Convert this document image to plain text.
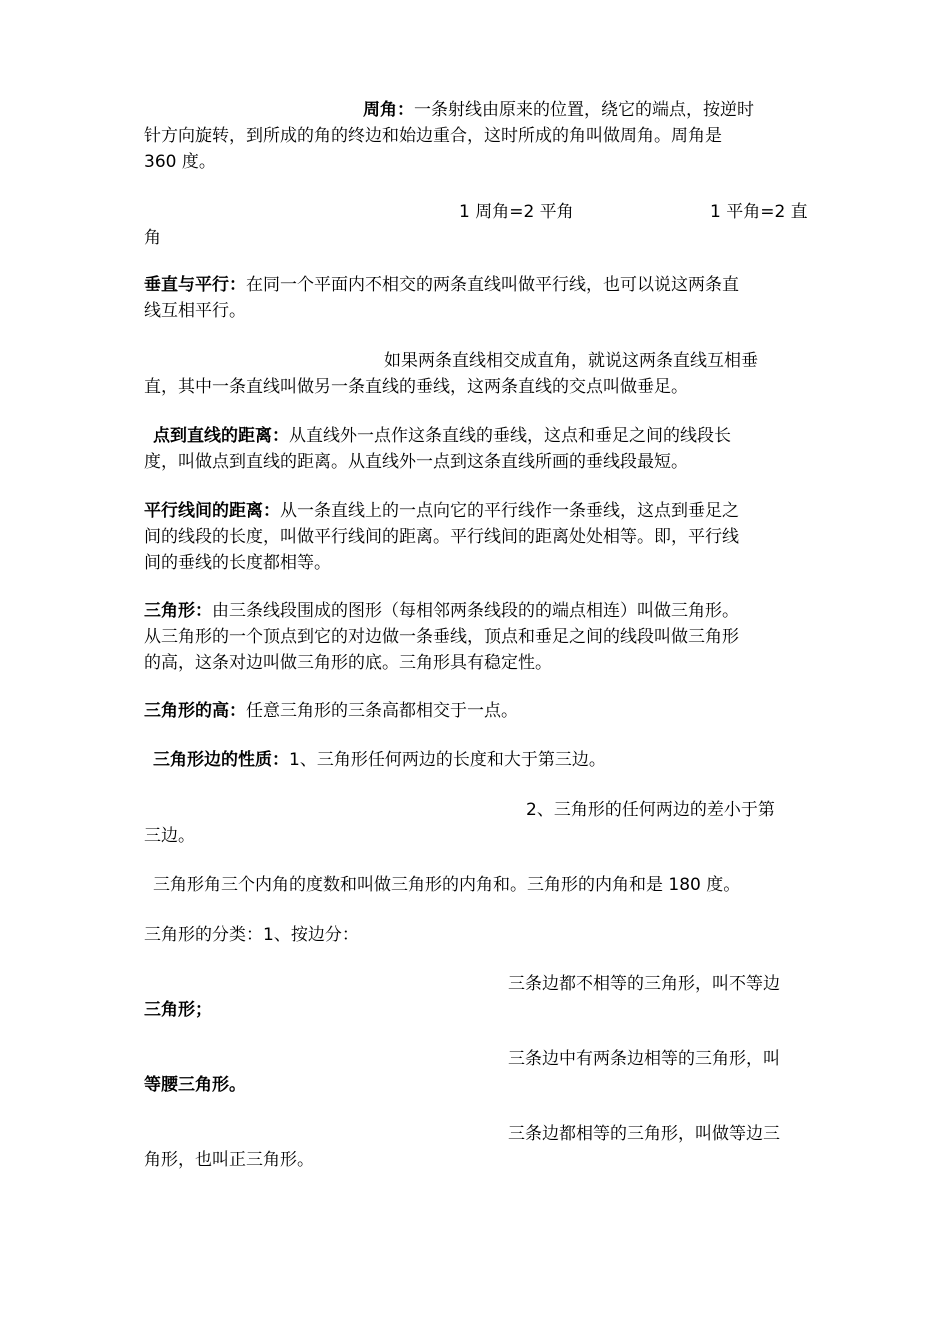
周角：一条射线由原来的位置，绕它的端点，按逆时
针方向旋转，到所成的角的终边和始边重合，这时所成的角叫做周角。周角是
360 度。
1 周角=2 平角	1 平角=2 直
角
垂直与平行：在同一个平面内不相交的两条直线叫做平行线，也可以说这两条直
线互相平行。
如果两条直线相交成直角，就说这两条直线互相垂
直，其中一条直线叫做另一条直线的垂线，这两条直线的交点叫做垂足。
点到直线的距离：从直线外一点作这条直线的垂线，这点和垂足之间的线段长
度，叫做点到直线的距离。从直线外一点到这条直线所画的垂线段最短。
平行线间的距离：从一条直线上的一点向它的平行线作一条垂线，这点到垂足之
间的线段的长度，叫做平行线间的距离。平行线间的距离处处相等。即，平行线
间的垂线的长度都相等。
三角形：由三条线段围成的图形（每相邻两条线段的的端点相连）叫做三角形。
从三角形的一个顶点到它的对边做一条垂线，顶点和垂足之间的线段叫做三角形
的高，这条对边叫做三角形的底。三角形具有稳定性。
三角形的高：任意三角形的三条高都相交于一点。
三角形边的性质：1、三角形任何两边的长度和大于第三边。
2、三角形的任何两边的差小于第
三边。
三角形角三个内角的度数和叫做三角形的内角和。三角形的内角和是 180 度。
三角形的分类：1、按边分：
三条边都不相等的三角形，叫不等边
三角形；
三条边中有两条边相等的三角形，叫
等腰三角形。
三条边都相等的三角形，叫做等边三
角形，也叫正三角形。
